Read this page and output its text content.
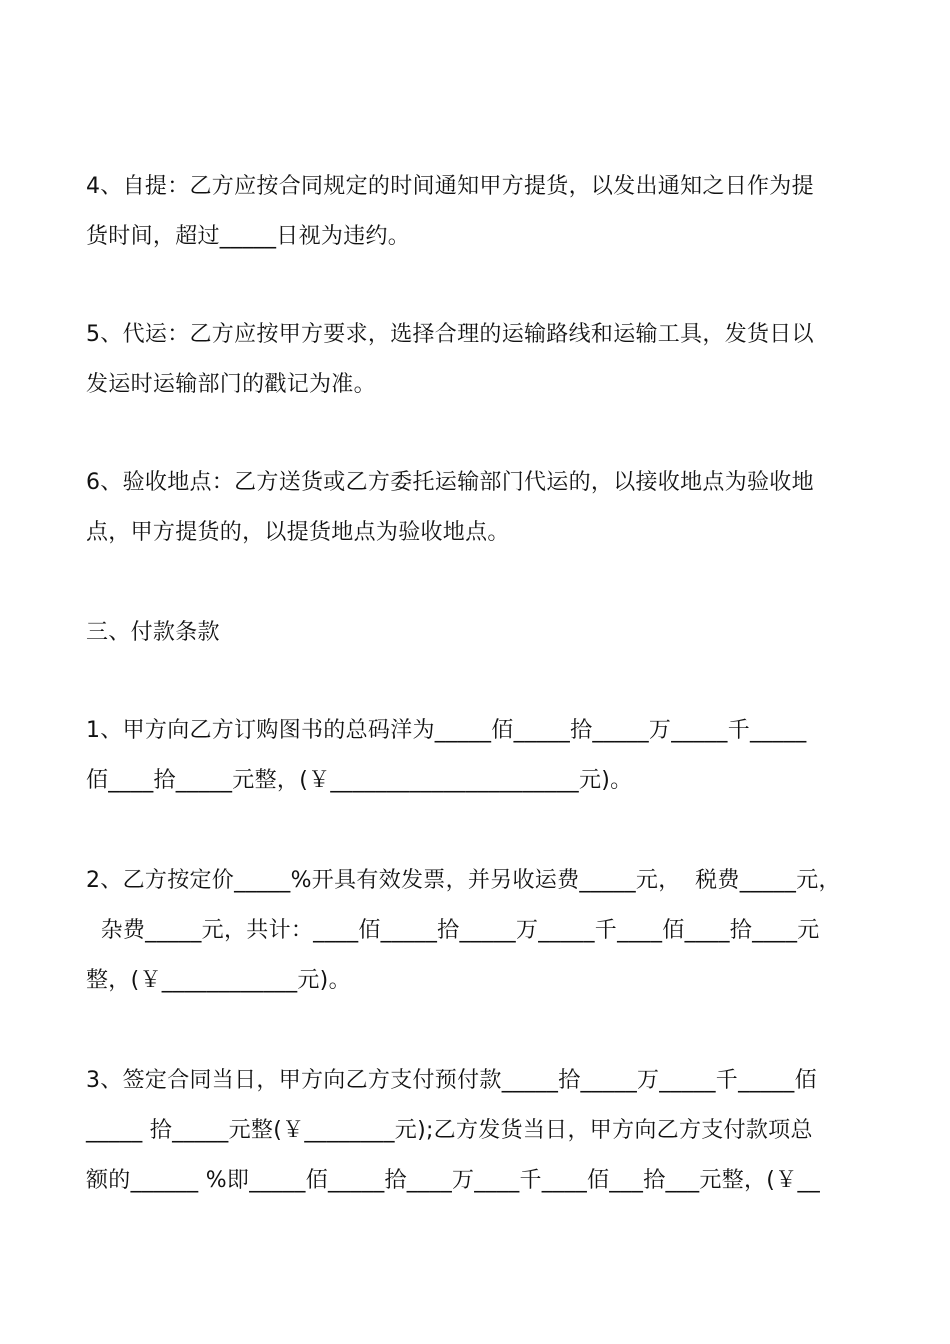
4、自提：乙方应按合同规定的时间通知甲方提货，以发出通知之日作为提
货时间，超过_____日视为违约。
5、代运：乙方应按甲方要求，选择合理的运输路线和运输工具，发货日以
发运时运输部门的戳记为准。
6、验收地点：乙方送货或乙方委托运输部门代运的，以接收地点为验收地
点，甲方提货的，以提货地点为验收地点。
三、付款条款
1、甲方向乙方订购图书的总码洋为_____佰_____拾_____万_____千_____
佰____拾_____元整，(￥______________________元)。
2、乙方按定价_____%开具有效发票，并另收运费_____元，  税费_____元，
杂费_____元，共计：____佰_____拾_____万_____千____佰____拾____元
整，(￥____________元)。
3、签定合同当日，甲方向乙方支付预付款_____拾_____万_____千_____佰
_____ 拾_____元整(￥________元);乙方发货当日，甲方向乙方支付款项总
额的______ %即_____佰_____拾____万____千____佰___拾___元整，(￥__
